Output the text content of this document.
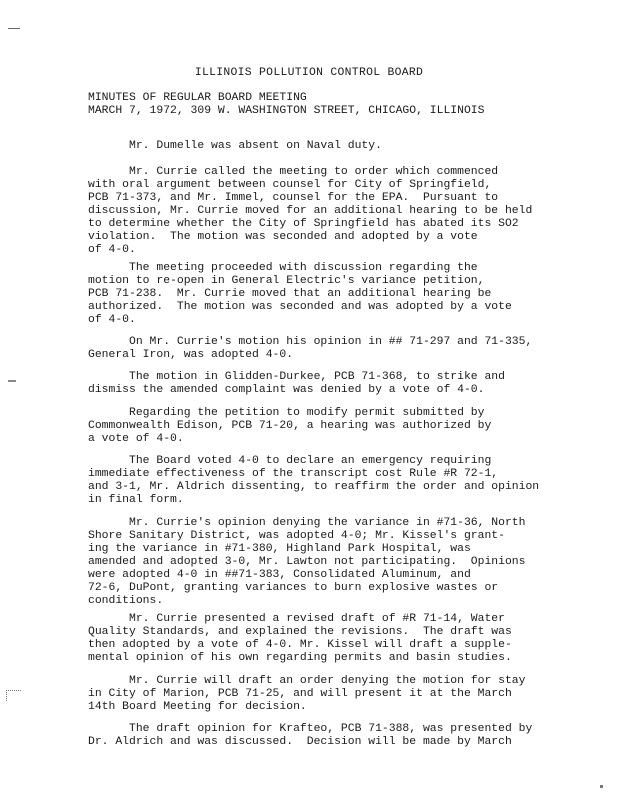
ILLINOIS POLLUTION CONTROL BOARD
MINUTES OF REGULAR BOARD MEETING
MARCH 7, 1972, 309 W. WASHINGTON STREET, CHICAGO, ILLINOIS
Mr. Dumelle was absent on Naval duty.
Mr. Currie called the meeting to order which commenced
with oral argument between counsel for City of Springfield,
PCB 71-373, and Mr. Immel, counsel for the EPA.  Pursuant to
discussion, Mr. Currie moved for an additional hearing to be held
to determine whether the City of Springfield has abated its SO2
violation.  The motion was seconded and adopted by a vote
of 4-0.
The meeting proceeded with discussion regarding the
motion to re-open in General Electric's variance petition,
PCB 71-238.  Mr. Currie moved that an additional hearing be
authorized.  The motion was seconded and was adopted by a vote
of 4-0.
On Mr. Currie's motion his opinion in ## 71-297 and 71-335,
General Iron, was adopted 4-0.
The motion in Glidden-Durkee, PCB 71-368, to strike and
dismiss the amended complaint was denied by a vote of 4-0.
Regarding the petition to modify permit submitted by
Commonwealth Edison, PCB 71-20, a hearing was authorized by
a vote of 4-0.
The Board voted 4-0 to declare an emergency requiring
immediate effectiveness of the transcript cost Rule #R 72-1,
and 3-1, Mr. Aldrich dissenting, to reaffirm the order and opinion
in final form.
Mr. Currie's opinion denying the variance in #71-36, North
Shore Sanitary District, was adopted 4-0; Mr. Kissel's grant-
ing the variance in #71-380, Highland Park Hospital, was
amended and adopted 3-0, Mr. Lawton not participating.  Opinions
were adopted 4-0 in ##71-383, Consolidated Aluminum, and
72-6, DuPont, granting variances to burn explosive wastes or
conditions.
Mr. Currie presented a revised draft of #R 71-14, Water
Quality Standards, and explained the revisions.  The draft was
then adopted by a vote of 4-0. Mr. Kissel will draft a supple-
mental opinion of his own regarding permits and basin studies.
Mr. Currie will draft an order denying the motion for stay
in City of Marion, PCB 71-25, and will present it at the March
14th Board Meeting for decision.
The draft opinion for Krafteo, PCB 71-388, was presented by
Dr. Aldrich and was discussed.  Decision will be made by March
